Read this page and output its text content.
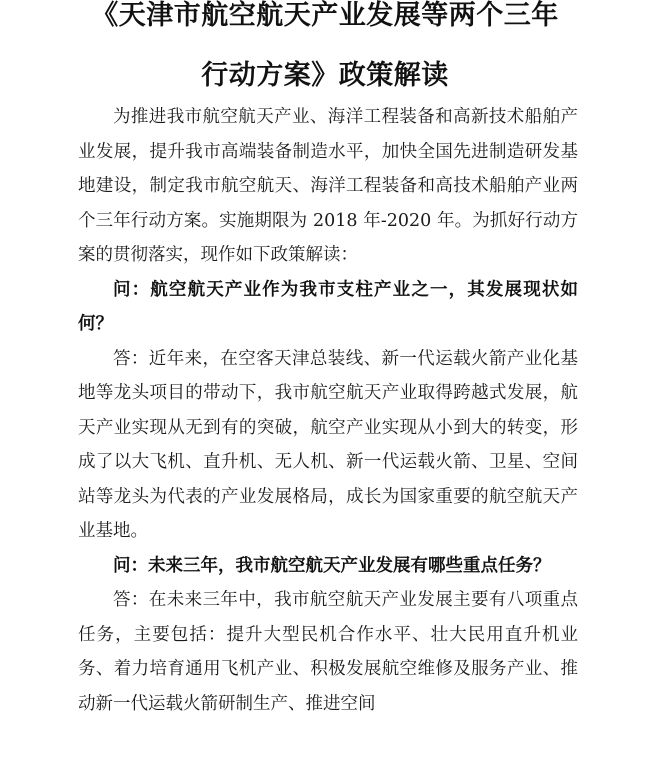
《天津市航空航天产业发展等两个三年
行动方案》政策解读

为推进我市航空航天产业、海洋工程装备和高新技术船舶产业发展，提升我市高端装备制造水平，加快全国先进制造研发基地建设，制定我市航空航天、海洋工程装备和高技术船舶产业两个三年行动方案。实施期限为 2018 年-2020 年。为抓好行动方案的贯彻落实，现作如下政策解读：

问：航空航天产业作为我市支柱产业之一，其发展现状如何？

答：近年来，在空客天津总装线、新一代运载火箭产业化基地等龙头项目的带动下，我市航空航天产业取得跨越式发展，航天产业实现从无到有的突破，航空产业实现从小到大的转变，形成了以大飞机、直升机、无人机、新一代运载火箭、卫星、空间站等龙头为代表的产业发展格局，成长为国家重要的航空航天产业基地。

问：未来三年，我市航空航天产业发展有哪些重点任务？

答：在未来三年中，我市航空航天产业发展主要有八项重点任务，主要包括：提升大型民机合作水平、壮大民用直升机业务、着力培育通用飞机产业、积极发展航空维修及服务产业、推动新一代运载火箭研制生产、推进空间
